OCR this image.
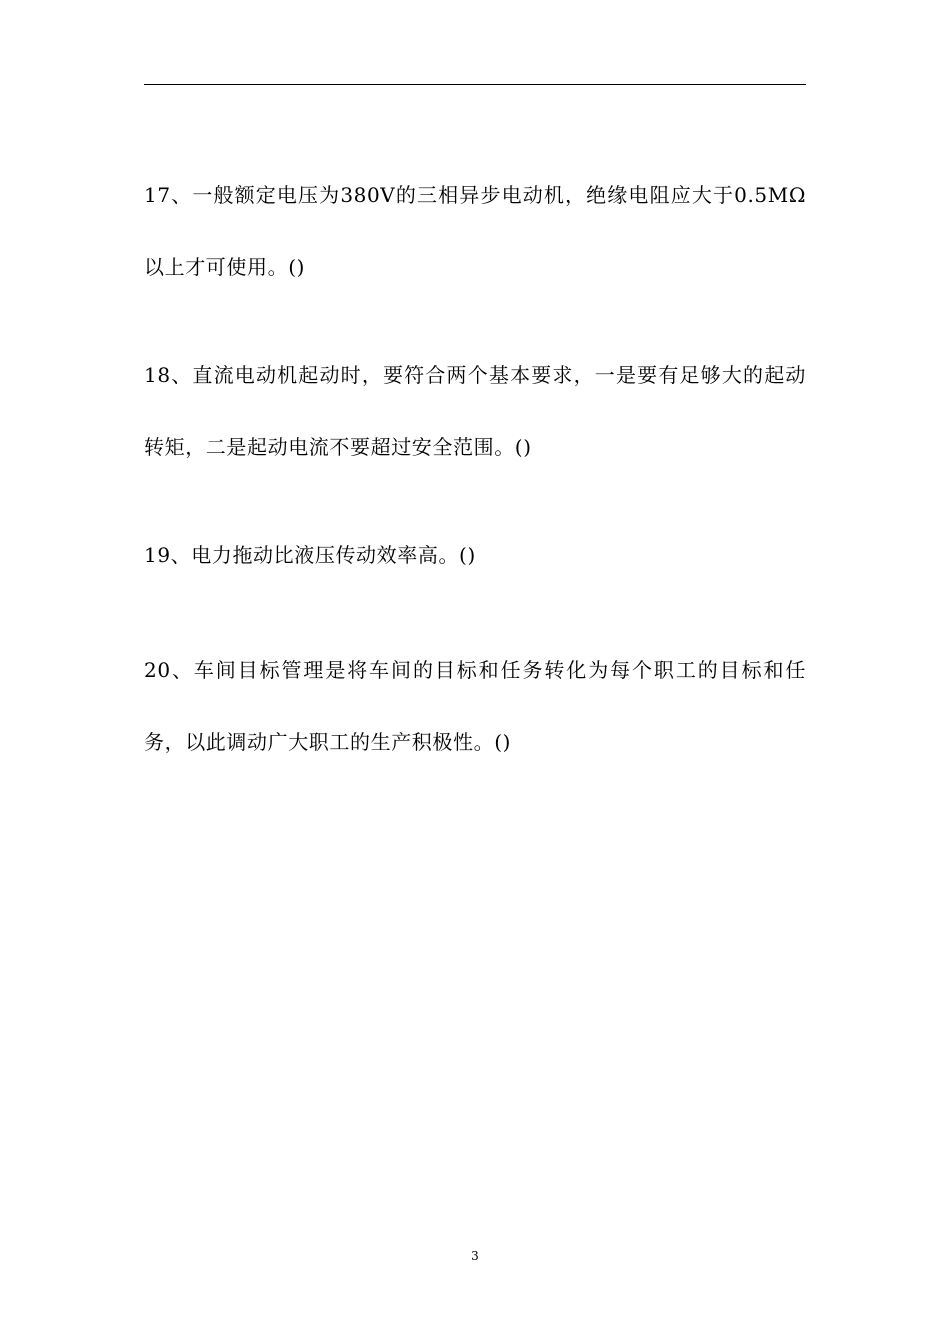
17、一般额定电压为380V的三相异步电动机，绝缘电阻应大于0.5MΩ以上才可使用。()

18、直流电动机起动时，要符合两个基本要求，一是要有足够大的起动转矩，二是起动电流不要超过安全范围。()

19、电力拖动比液压传动效率高。()

20、车间目标管理是将车间的目标和任务转化为每个职工的目标和任务，以此调动广大职工的生产积极性。()

3
